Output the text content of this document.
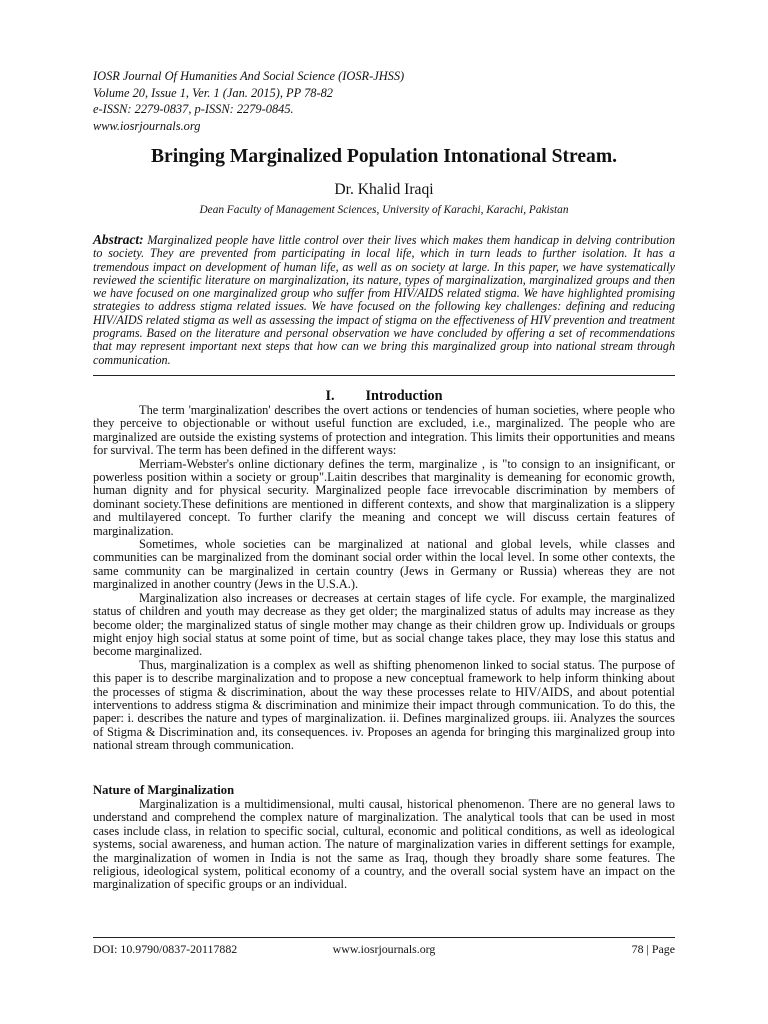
IOSR Journal Of Humanities And Social Science (IOSR-JHSS)
Volume 20, Issue 1, Ver. 1 (Jan. 2015), PP 78-82
e-ISSN: 2279-0837, p-ISSN: 2279-0845.
www.iosrjournals.org
Bringing Marginalized Population Intonational Stream.
Dr. Khalid Iraqi
Dean Faculty of Management Sciences, University of Karachi, Karachi, Pakistan
Abstract: Marginalized people have little control over their lives which makes them handicap in delving contribution to society. They are prevented from participating in local life, which in turn leads to further isolation. It has a tremendous impact on development of human life, as well as on society at large. In this paper, we have systematically reviewed the scientific literature on marginalization, its nature, types of marginalization, marginalized groups and then we have focused on one marginalized group who suffer from HIV/AIDS related stigma. We have highlighted promising strategies to address stigma related issues. We have focused on the following key challenges: defining and reducing HIV/AIDS related stigma as well as assessing the impact of stigma on the effectiveness of HIV prevention and treatment programs. Based on the literature and personal observation we have concluded by offering a set of recommendations that may represent important next steps that how can we bring this marginalized group into national stream through communication.
I. Introduction

The term 'marginalization' describes the overt actions or tendencies of human societies, where people who they perceive to objectionable or without useful function are excluded, i.e., marginalized. The people who are marginalized are outside the existing systems of protection and integration. This limits their opportunities and means for survival. The term has been defined in the different ways:

Merriam-Webster's online dictionary defines the term, marginalize , is "to consign to an insignificant, or powerless position within a society or group".Laitin describes that marginality is demeaning for economic growth, human dignity and for physical security. Marginalized people face irrevocable discrimination by members of dominant society.These definitions are mentioned in different contexts, and show that marginalization is a slippery and multilayered concept. To further clarify the meaning and concept we will discuss certain features of marginalization.

Sometimes, whole societies can be marginalized at national and global levels, while classes and communities can be marginalized from the dominant social order within the local level. In some other contexts, the same community can be marginalized in certain country (Jews in Germany or Russia) whereas they are not marginalized in another country (Jews in the U.S.A.).

Marginalization also increases or decreases at certain stages of life cycle. For example, the marginalized status of children and youth may decrease as they get older; the marginalized status of adults may increase as they become older; the marginalized status of single mother may change as their children grow up. Individuals or groups might enjoy high social status at some point of time, but as social change takes place, they may lose this status and become marginalized.

Thus, marginalization is a complex as well as shifting phenomenon linked to social status. The purpose of this paper is to describe marginalization and to propose a new conceptual framework to help inform thinking about the processes of stigma & discrimination, about the way these processes relate to HIV/AIDS, and about potential interventions to address stigma & discrimination and minimize their impact through communication. To do this, the paper: i. describes the nature and types of marginalization. ii. Defines marginalized groups. iii. Analyzes the sources of Stigma & Discrimination and, its consequences. iv. Proposes an agenda for bringing this marginalized group into national stream through communication.

Nature of Marginalization

Marginalization is a multidimensional, multi causal, historical phenomenon. There are no general laws to understand and comprehend the complex nature of marginalization. The analytical tools that can be used in most cases include class, in relation to specific social, cultural, economic and political conditions, as well as ideological systems, social awareness, and human action. The nature of marginalization varies in different settings for example, the marginalization of women in India is not the same as Iraq, though they broadly share some features. The religious, ideological system, political economy of a country, and the overall social system have an impact on the marginalization of specific groups or an individual.

DOI: 10.9790/0837-20117882	www.iosrjournals.org	78 | Page
